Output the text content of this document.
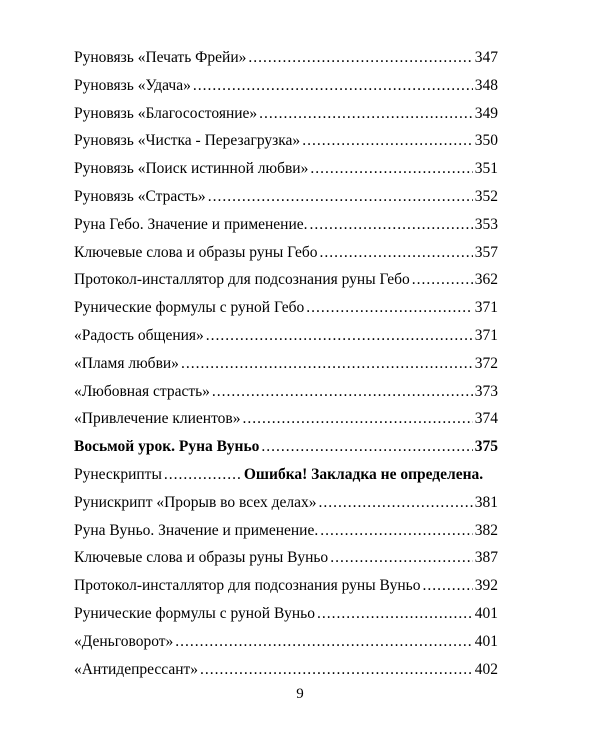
Руновязь «Печать Фрейи» .....	347
Руновязь «Удача» .....	348
Руновязь «Благосостояние» .....	349
Руновязь «Чистка - Перезагрузка» .....	350
Руновязь «Поиск истинной любви» .....	351
Руновязь «Страсть» .....	352
Руна Гебо. Значение и применение. .....	353
Ключевые слова и образы руны Гебо .....	357
Протокол-инсталлятор для подсознания руны Гебо .....	362
Рунические формулы с руной Гебо .....	371
«Радость общения» .....	371
«Пламя любви» .....	372
«Любовная страсть» .....	373
«Привлечение клиентов» .....	374
Восьмой урок. Руна Вуньо .....	375
Рунескрипты .....	Ошибка! Закладка не определена.
Рунискрипт «Прорыв во всех делах» .....	381
Руна Вуньо. Значение и применение. .....	382
Ключевые слова и образы руны Вуньо .....	387
Протокол-инсталлятор для подсознания руны Вуньо .....	392
Рунические формулы с руной Вуньо .....	401
«Деньговорот» .....	401
«Антидепрессант» .....	402
9
